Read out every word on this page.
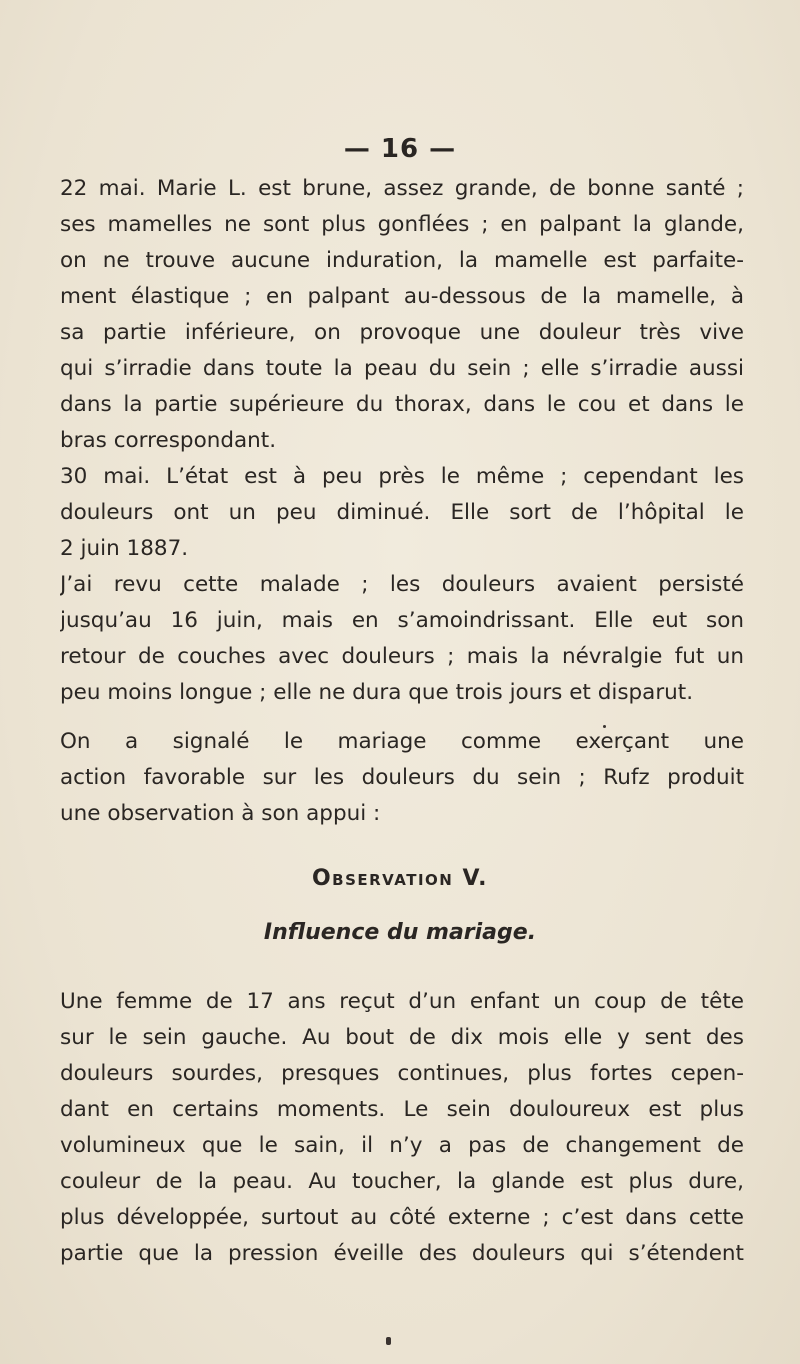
— 16 —
22 mai. Marie L. est brune, assez grande, de bonne santé ;
ses mamelles ne sont plus gonflées ; en palpant la glande,
on ne trouve aucune induration, la mamelle est parfaite-
ment élastique ; en palpant au-dessous de la mamelle, à
sa partie inférieure, on provoque une douleur très vive
qui s’irradie dans toute la peau du sein ; elle s’irradie aussi
dans la partie supérieure du thorax, dans le cou et dans le
bras correspondant.
30 mai. L’état est à peu près le même ; cependant les
douleurs ont un peu diminué. Elle sort de l’hôpital le
2 juin 1887.
J’ai revu cette malade ; les douleurs avaient persisté
jusqu’au 16 juin, mais en s’amoindrissant. Elle eut son
retour de couches avec douleurs ; mais la névralgie fut un
peu moins longue ; elle ne dura que trois jours et disparut.
On a signalé le mariage comme exerçant une
action favorable sur les douleurs du sein ; Rufz produit
une observation à son appui :
Observation V.
Influence du mariage.
Une femme de 17 ans reçut d’un enfant un coup de tête
sur le sein gauche. Au bout de dix mois elle y sent des
douleurs sourdes, presques continues, plus fortes cepen-
dant en certains moments. Le sein douloureux est plus
volumineux que le sain, il n’y a pas de changement de
couleur de la peau. Au toucher, la glande est plus dure,
plus développée, surtout au côté externe ; c’est dans cette
partie que la pression éveille des douleurs qui s’étendent
